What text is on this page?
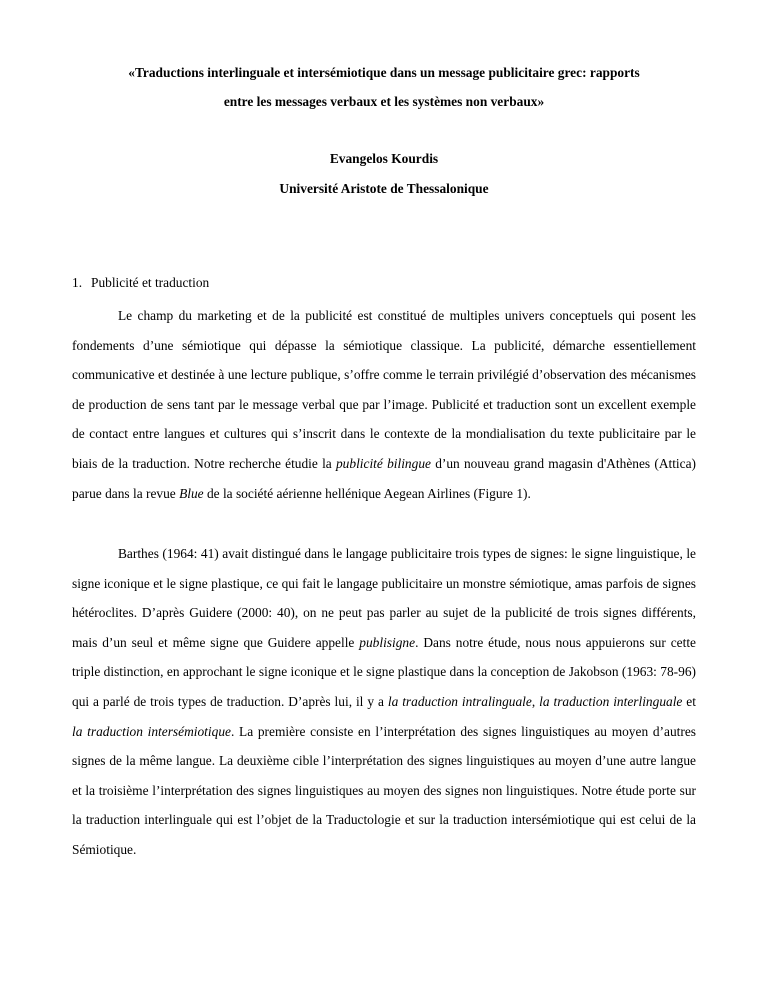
«Traductions interlinguale et intersémiotique dans un message publicitaire grec: rapports

entre les messages verbaux et les systèmes non verbaux»

Evangelos Kourdis

Université Aristote de Thessalonique

1. Publicité et traduction

Le champ du marketing et de la publicité est constitué de multiples univers conceptuels qui posent les fondements d’une sémiotique qui dépasse la sémiotique classique. La publicité, démarche essentiellement communicative et destinée à une lecture publique, s’offre comme le terrain privilégié d’observation des mécanismes de production de sens tant par le message verbal que par l’image. Publicité et traduction sont un excellent exemple de contact entre langues et cultures qui s’inscrit dans le contexte de la mondialisation du texte publicitaire par le biais de la traduction. Notre recherche étudie la publicité bilingue d’un nouveau grand magasin d'Athènes (Attica) parue dans la revue Blue de la société aérienne hellénique Aegean Airlines (Figure 1).

Barthes (1964: 41) avait distingué dans le langage publicitaire trois types de signes: le signe linguistique, le signe iconique et le signe plastique, ce qui fait le langage publicitaire un monstre sémiotique, amas parfois de signes hétéroclites. D’après Guidere (2000: 40), on ne peut pas parler au sujet de la publicité de trois signes différents, mais d’un seul et même signe que Guidere appelle publisigne. Dans notre étude, nous nous appuierons sur cette triple distinction, en approchant le signe iconique et le signe plastique dans la conception de Jakobson (1963: 78-96) qui a parlé de trois types de traduction. D’après lui, il y a la traduction intralinguale, la traduction interlinguale et la traduction intersémiotique. La première consiste en l’interprétation des signes linguistiques au moyen d’autres signes de la même langue. La deuxième cible l’interprétation des signes linguistiques au moyen d’une autre langue et la troisième l’interprétation des signes linguistiques au moyen des signes non linguistiques. Notre étude porte sur la traduction interlinguale qui est l’objet de la Traductologie et sur la traduction intersémiotique qui est celui de la Sémiotique.
